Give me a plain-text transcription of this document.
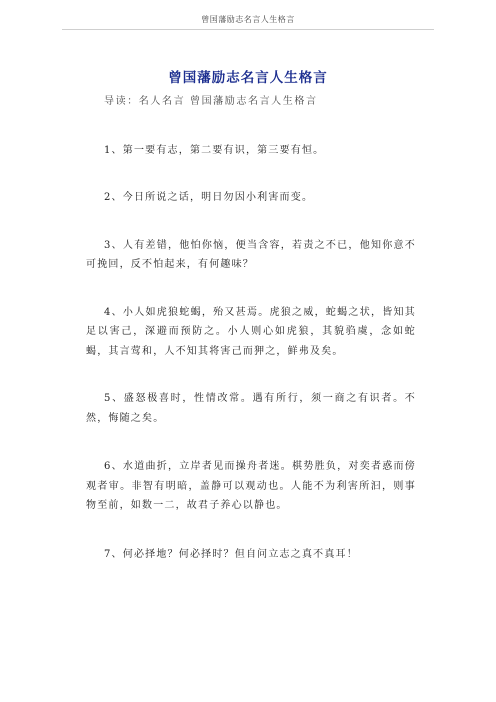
曾国藩励志名言人生格言
曾国藩励志名言人生格言

导读：名人名言 曾国藩励志名言人生格言

1、第一要有志，第二要有识，第三要有恒。

2、今日所说之话，明日勿因小利害而变。

3、人有差错，他怕你恼，便当含容，若责之不已，他知你意不可挽回，反不怕起来，有何趣味？

4、小人如虎狼蛇蝎，殆又甚焉。虎狼之威，蛇蝎之状，皆知其足以害己，深避而预防之。小人则心如虎狼，其貌驺虞，念如蛇蝎，其言莺和，人不知其将害己而狎之，鲜弗及矣。

5、盛怒极喜时，性情改常。遇有所行，须一商之有识者。不然，悔随之矣。

6、水道曲折，立岸者见而操舟者迷。棋势胜负，对奕者惑而傍观者审。非智有明暗，盖静可以观动也。人能不为利害所汩，则事物至前，如数一二，故君子养心以静也。

7、何必择地？何必择时？但自问立志之真不真耳！
